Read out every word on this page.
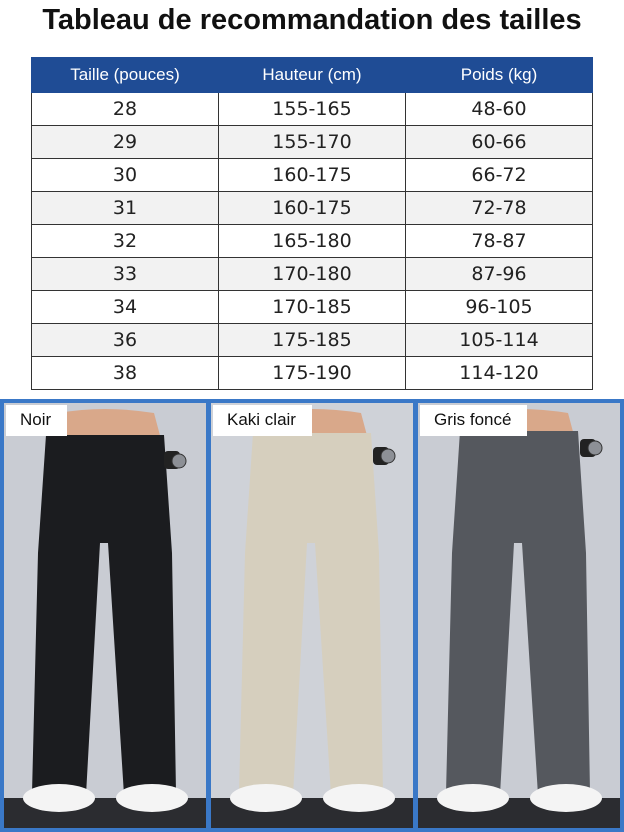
Tableau de recommandation des tailles
Taille (pouces)	Hauteur (cm)	Poids (kg)
28	155-165	48-60
29	155-170	60-66
30	160-175	66-72
31	160-175	72-78
32	165-180	78-87
33	170-180	87-96
34	170-185	96-105
36	175-185	105-114
38	175-190	114-120
Noir	Kaki clair	Gris foncé
